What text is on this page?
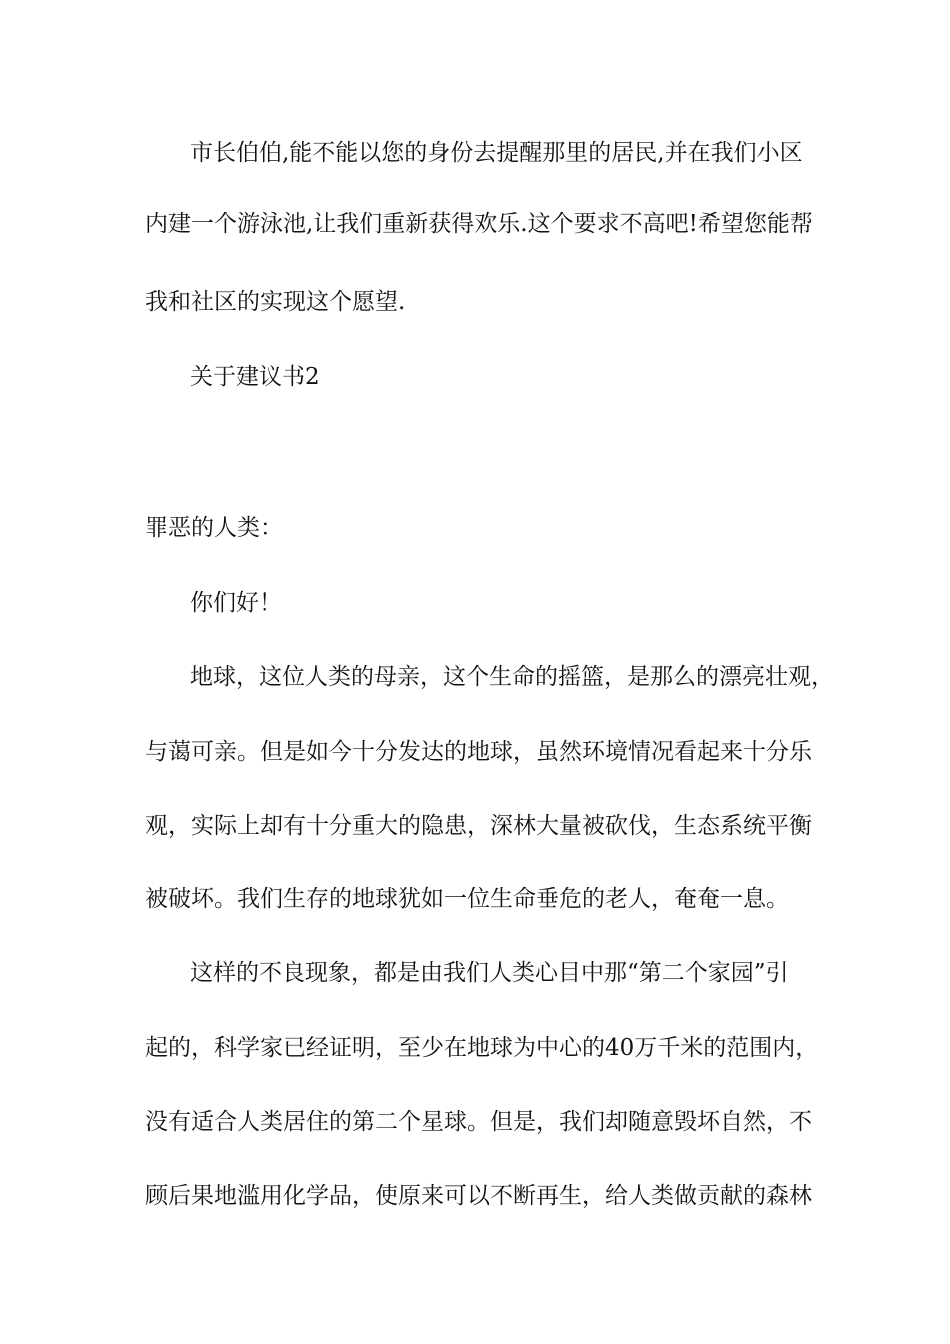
市长伯伯,能不能以您的身份去提醒那里的居民,并在我们小区
内建一个游泳池,让我们重新获得欢乐.这个要求不高吧!希望您能帮
我和社区的实现这个愿望.
关于建议书2
罪恶的人类：
你们好！
地球，这位人类的母亲，这个生命的摇篮，是那么的漂亮壮观，
与蔼可亲。但是如今十分发达的地球，虽然环境情况看起来十分乐
观，实际上却有十分重大的隐患，深林大量被砍伐，生态系统平衡
被破坏。我们生存的地球犹如一位生命垂危的老人，奄奄一息。
这样的不良现象，都是由我们人类心目中那“第二个家园”引
起的，科学家已经证明，至少在地球为中心的40万千米的范围内，
没有适合人类居住的第二个星球。但是，我们却随意毁坏自然，不
顾后果地滥用化学品，使原来可以不断再生，给人类做贡献的森林
